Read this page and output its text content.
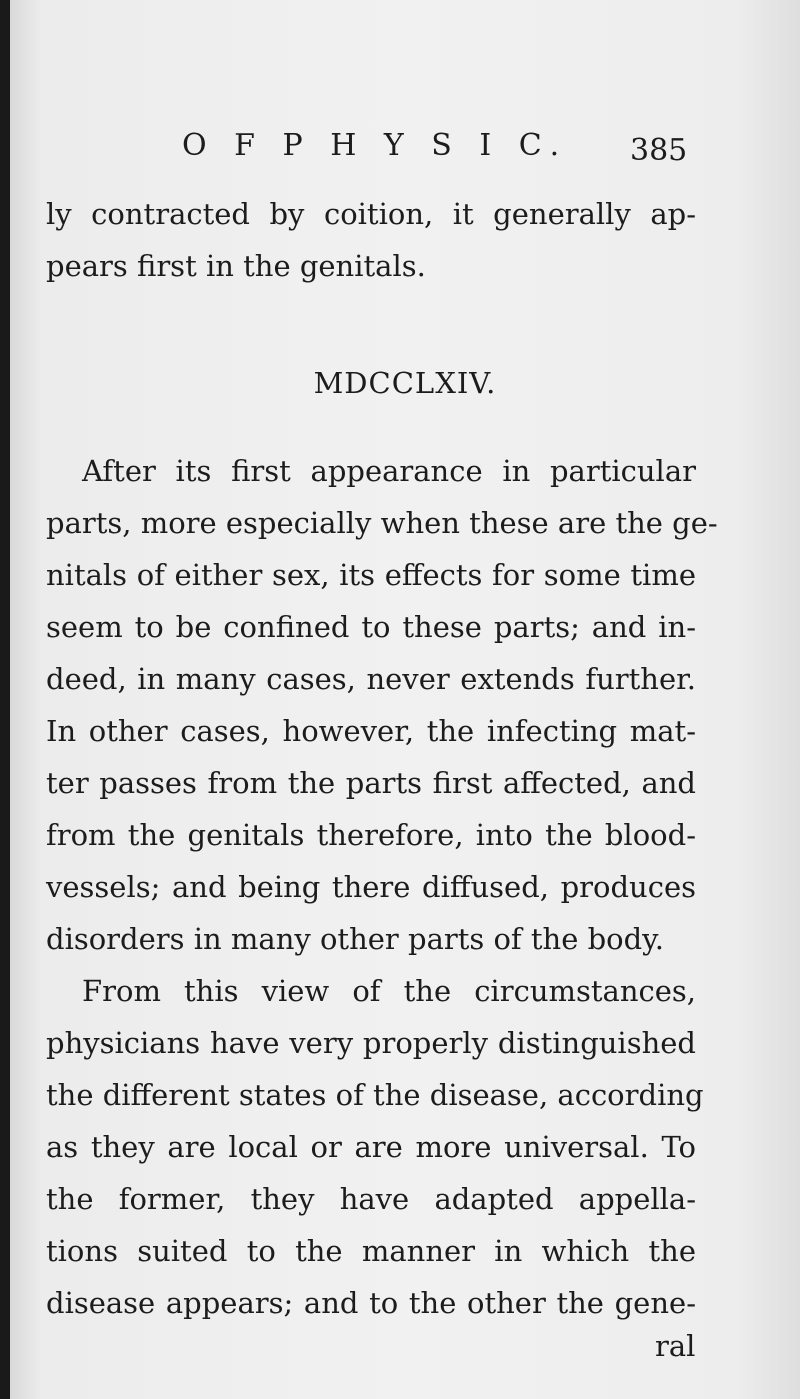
O F P H Y S I C. 385

ly contracted by coition, it generally ap-

pears first in the genitals.

MDCCLXIV.

After its first appearance in particular

parts, more especially when these are the ge-

nitals of either sex, its effects for some time

seem to be confined to these parts; and in-

deed, in many cases, never extends further.

In other cases, however, the infecting mat-

ter passes from the parts first affected, and

from the genitals therefore, into the blood-

vessels; and being there diffused, produces

disorders in many other parts of the body.

From this view of the circumstances,

physicians have very properly distinguished

the different states of the disease, according

as they are local or are more universal. To

the former, they have adapted appella-

tions suited to the manner in which the

disease appears; and to the other the gene-

ral
